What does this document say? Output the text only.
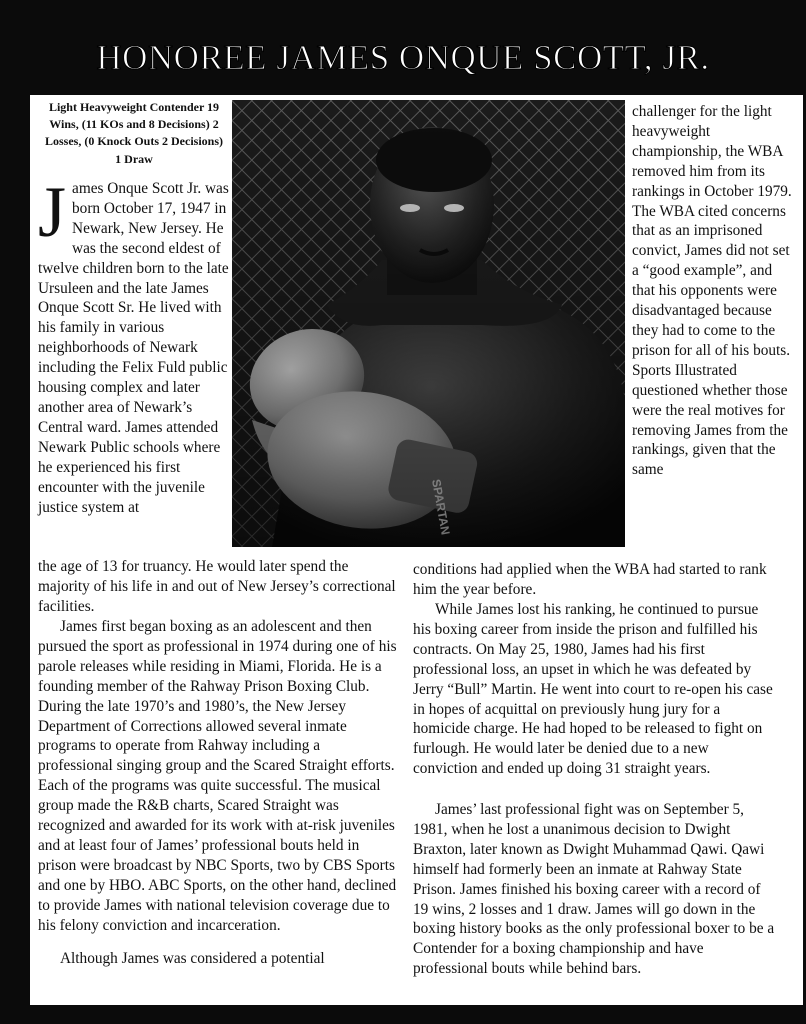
HONOREE JAMES ONQUE SCOTT, JR.

Light Heavyweight Contender 19 Wins, (11 KOs and 8 Decisions) 2 Losses, (0 Knock Outs 2 Decisions) 1 Draw

James Onque Scott Jr. was born October 17, 1947 in Newark, New Jersey. He was the second eldest of twelve children born to the late Ursuleen and the late James Onque Scott Sr. He lived with his family in various neighborhoods of Newark including the Felix Fuld public housing complex and later another area of Newark’s Central ward. James attended Newark Public schools where he experienced his first encounter with the juvenile justice system at

the age of 13 for truancy. He would later spend the majority of his life in and out of New Jersey’s correctional facilities.

James first began boxing as an adolescent and then pursued the sport as professional in 1974 during one of his parole releases while residing in Miami, Florida. He is a founding member of the Rahway Prison Boxing Club. During the late 1970’s and 1980’s, the New Jersey Department of Corrections allowed several inmate programs to operate from Rahway including a professional singing group and the Scared Straight efforts. Each of the programs was quite successful. The musical group made the R&B charts, Scared Straight was recognized and awarded for its work with at-risk juveniles and at least four of James’ professional bouts held in prison were broadcast by NBC Sports, two by CBS Sports and one by HBO. ABC Sports, on the other hand, declined to provide James with national television coverage due to his felony conviction and incarceration.

Although James was considered a potential

challenger for the light heavyweight championship, the WBA removed him from its rankings in October 1979. The WBA cited concerns that as an imprisoned convict, James did not set a “good example”, and that his opponents were disadvantaged because they had to come to the prison for all of his bouts. Sports Illustrated questioned whether those were the real motives for removing James from the rankings, given that the same

conditions had applied when the WBA had started to rank him the year before.

While James lost his ranking, he continued to pursue his boxing career from inside the prison and fulfilled his contracts. On May 25, 1980, James had his first professional loss, an upset in which he was defeated by Jerry “Bull” Martin. He went into court to re-open his case in hopes of acquittal on previously hung jury for a homicide charge. He had hoped to be released to fight on furlough. He would later be denied due to a new conviction and ended up doing 31 straight years.

James’ last professional fight was on September 5, 1981, when he lost a unanimous decision to Dwight Braxton, later known as Dwight Muhammad Qawi. Qawi himself had formerly been an inmate at Rahway State Prison. James finished his boxing career with a record of 19 wins, 2 losses and 1 draw. James will go down in the boxing history books as the only professional boxer to be a Contender for a boxing championship and have professional bouts while behind bars.
